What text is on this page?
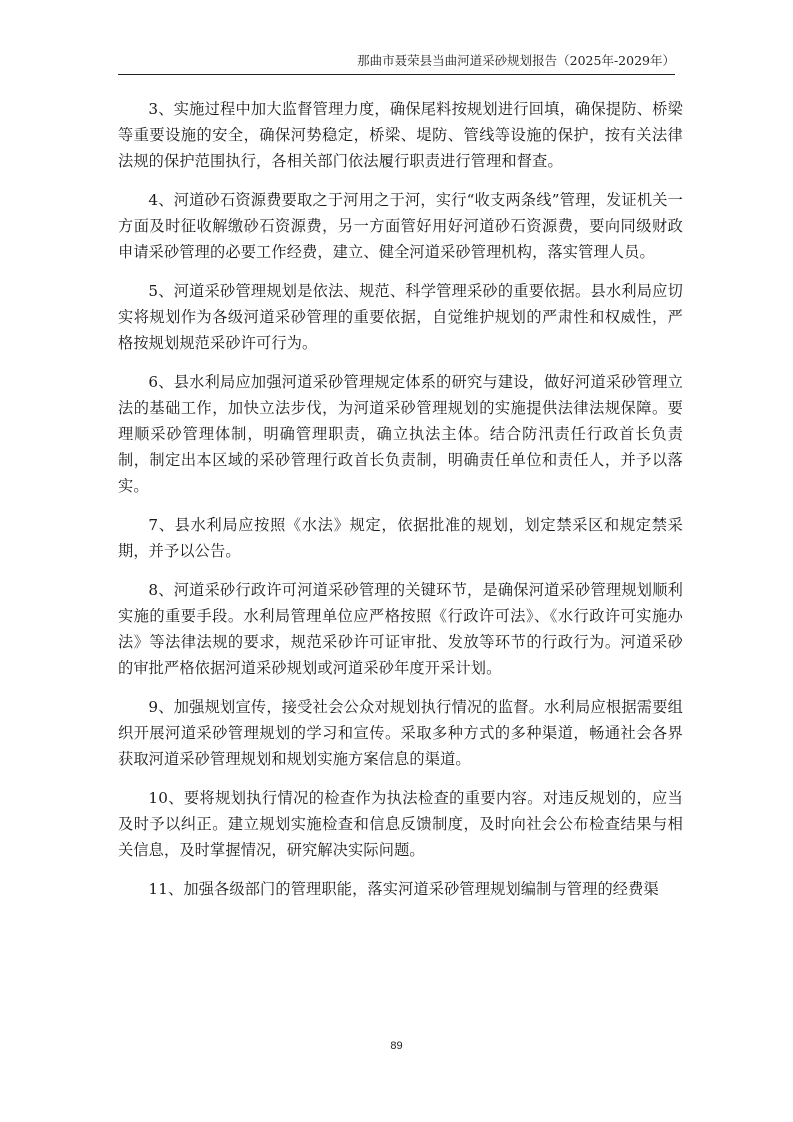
那曲市聂荣县当曲河道采砂规划报告（2025年-2029年）

3、实施过程中加大监督管理力度，确保尾料按规划进行回填，确保提防、桥梁等重要设施的安全，确保河势稳定，桥梁、堤防、管线等设施的保护，按有关法律法规的保护范围执行，各相关部门依法履行职责进行管理和督查。

4、河道砂石资源费要取之于河用之于河，实行“收支两条线”管理，发证机关一方面及时征收解缴砂石资源费，另一方面管好用好河道砂石资源费，要向同级财政申请采砂管理的必要工作经费，建立、健全河道采砂管理机构，落实管理人员。

5、河道采砂管理规划是依法、规范、科学管理采砂的重要依据。县水利局应切实将规划作为各级河道采砂管理的重要依据，自觉维护规划的严肃性和权威性，严格按规划规范采砂许可行为。

6、县水利局应加强河道采砂管理规定体系的研究与建设，做好河道采砂管理立法的基础工作，加快立法步伐，为河道采砂管理规划的实施提供法律法规保障。要理顺采砂管理体制，明确管理职责，确立执法主体。结合防汛责任行政首长负责制，制定出本区域的采砂管理行政首长负责制，明确责任单位和责任人，并予以落实。

7、县水利局应按照《水法》规定，依据批准的规划，划定禁采区和规定禁采期，并予以公告。

8、河道采砂行政许可河道采砂管理的关键环节，是确保河道采砂管理规划顺利实施的重要手段。水利局管理单位应严格按照《行政许可法》、《水行政许可实施办法》等法律法规的要求，规范采砂许可证审批、发放等环节的行政行为。河道采砂的审批严格依据河道采砂规划或河道采砂年度开采计划。

9、加强规划宣传，接受社会公众对规划执行情况的监督。水利局应根据需要组织开展河道采砂管理规划的学习和宣传。采取多种方式的多种渠道，畅通社会各界获取河道采砂管理规划和规划实施方案信息的渠道。

10、要将规划执行情况的检查作为执法检查的重要内容。对违反规划的，应当及时予以纠正。建立规划实施检查和信息反馈制度，及时向社会公布检查结果与相关信息，及时掌握情况，研究解决实际问题。

11、加强各级部门的管理职能，落实河道采砂管理规划编制与管理的经费渠

89
